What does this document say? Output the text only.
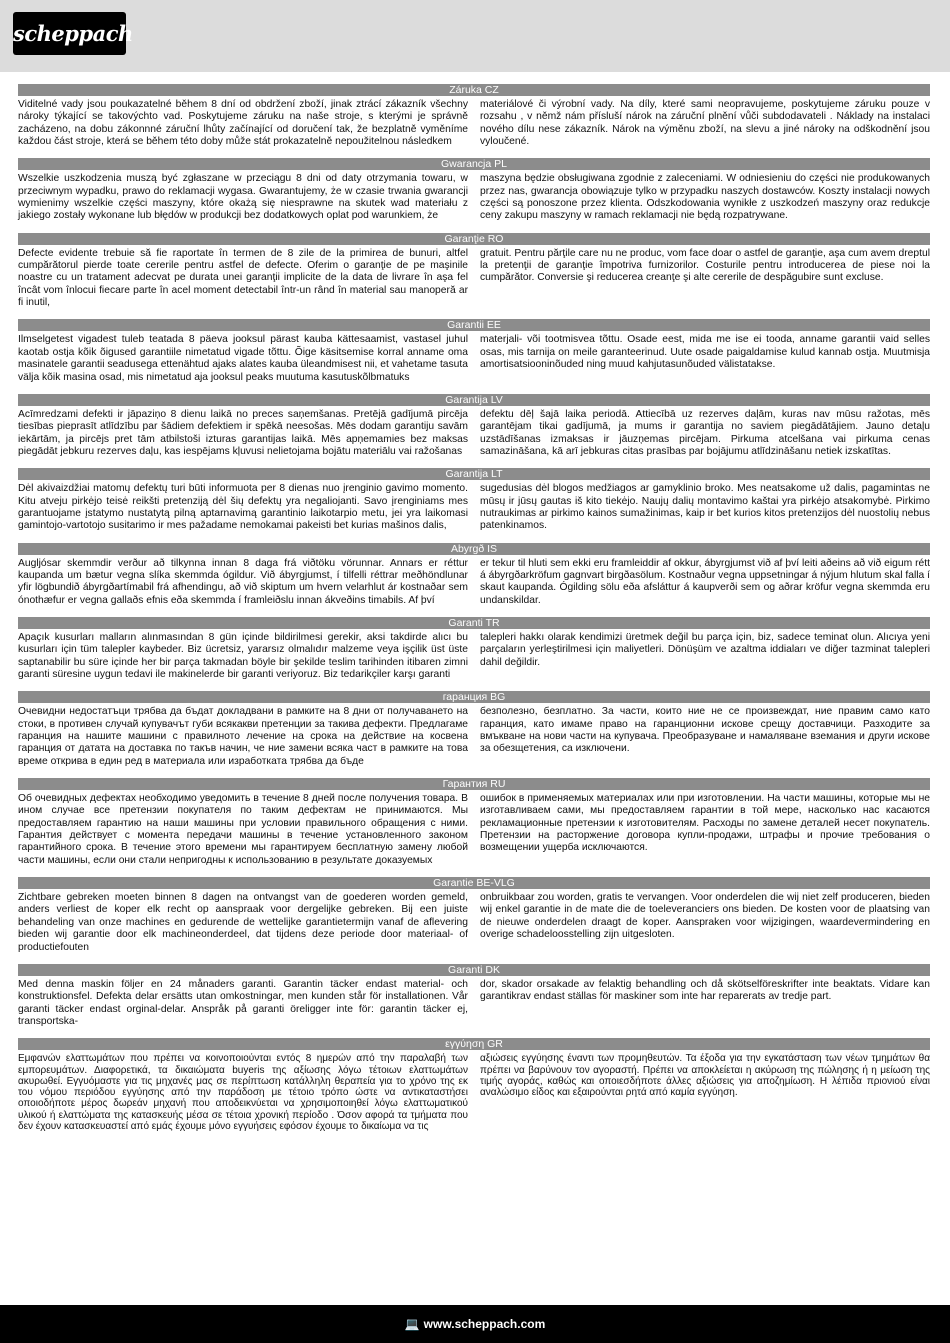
scheppach
Záruka CZ

Viditelné vady jsou poukazatelné během 8 dní od obdržení zboží, jinak ztrácí zákazník všechny nároky týkající se takovýchto vad. Poskytujeme záruku na naše stroje, s kterými je správně zacházeno, na dobu zákonnné záruční lhůty začínající od doručení tak, že bezplatně vyměníme každou část stroje, která se během této doby může stát prokazatelně nepoužitelnou následkem

materiálové či výrobní vady. Na díly, které sami neopravujeme, poskytujeme záruku pouze v rozsahu , v němž nám přísluší nárok na záruční plnění vůči subdodavateli . Náklady na instalaci nového dílu nese zákazník. Nárok na výměnu zboží, na slevu a jiné nároky na odškodnění jsou vyloučené.

Gwarancja PL

Wszelkie uszkodzenia muszą być zgłaszane w przeciągu 8 dni od daty otrzymania towaru, w przeciwnym wypadku, prawo do reklamacji wygasa. Gwarantujemy, że w czasie trwania gwarancji wymienimy wszelkie części maszyny, które okażą się niesprawne na skutek wad materiału z jakiego zostały wykonane lub błędów w produkcji bez dodatkowych oplat pod warunkiem, że

maszyna będzie obsługiwana zgodnie z zaleceniami. W odniesieniu do części nie produkowanych przez nas, gwarancja obowiązuje tylko w przypadku naszych dostawców. Koszty instalacji nowych części są ponoszone przez klienta. Odszkodowania wynikłe z uszkodzeń maszyny oraz redukcje ceny zakupu maszyny w ramach reklamacji nie będą rozpatrywane.

Garanţie RO

Defecte evidente trebuie să fie raportate în termen de 8 zile de la primirea de bunuri, altfel cumpărătorul pierde toate cererile pentru astfel de defecte. Oferim o garanţie de pe maşinile noastre cu un tratament adecvat pe durata unei garanţii implicite de la data de livrare în aşa fel încât vom înlocui fiecare parte în acel moment detectabil într-un rând în material sau manoperă ar fi inutil,

gratuit. Pentru părţile care nu ne produc, vom face doar o astfel de garanţie, aşa cum avem dreptul la pretenţii de garanţie împotriva furnizorilor. Costurile pentru introducerea de piese noi la cumpărător. Conversie şi reducerea creanţe şi alte cererile de despăgubire sunt excluse.

Garantii EE

Ilmselgetest vigadest tuleb teatada 8 päeva jooksul pärast kauba kättesaamist, vastasel juhul kaotab ostja kõik õigused garantiile nimetatud vigade tõttu. Õige käsitsemise korral anname oma masinatele garantii seadusega ettenähtud ajaks alates kauba üleandmisest nii, et vahetame tasuta välja kõik masina osad, mis nimetatud aja jooksul peaks muutuma kasutuskõlbmatuks

materjali- või tootmisvea tõttu. Osade eest, mida me ise ei tooda, anname garantii vaid selles osas, mis tarnija on meile garanteerinud. Uute osade paigaldamise kulud kannab ostja. Muutmisja amortisatsiooninõuded ning muud kahjutasunõuded välistatakse.

Garantija LV

Acīmredzami defekti ir jāpaziņo 8 dienu laikā no preces saņemšanas. Pretējā gadījumā pircēja tiesības pieprasīt atlīdzību par šādiem defektiem ir spēkā neesošas. Mēs dodam garantiju savām iekārtām, ja pircējs pret tām atbilstoši izturas garantijas laikā. Mēs apņemamies bez maksas piegādāt jebkuru rezerves daļu, kas iespējams kļuvusi nelietojama bojātu materiālu vai ražošanas

defektu dēļ šajā laika periodā. Attiecībā uz rezerves daļām, kuras nav mūsu ražotas, mēs garantējam tikai gadījumā, ja mums ir garantija no saviem piegādātājiem. Jauno detaļu uzstādīšanas izmaksas ir jāuzņemas pircējam. Pirkuma atcelšana vai pirkuma cenas samazināšana, kā arī jebkuras citas prasības par bojājumu atlīdzināšanu netiek izskatītas.

Garantija LT

Dėl akivaizdžiai matomų defektų turi būti informuota per 8 dienas nuo įrenginio gavimo momento. Kitu atveju pirkėjo teisė reikšti pretenziją dėl šių defektų yra negaliojanti. Savo įrenginiams mes garantuojame įstatymo nustatytą pilną aptarnavimą garantinio laikotarpio metu, jei yra laikomasi gamintojo-vartotojo susitarimo ir mes pažadame nemokamai pakeisti bet kurias mašinos dalis,

sugedusias dėl blogos medžiagos ar gamyklinio broko. Mes neatsakome už dalis, pagamintas ne mūsų ir jūsų gautas iš kito tiekėjo. Naujų dalių montavimo kaštai yra pirkėjo atsakomybė. Pirkimo nutraukimas ar pirkimo kainos sumažinimas, kaip ir bet kurios kitos pretenzijos dėl nuostolių nebus patenkinamos.

Abyrgð IS

Augljósar skemmdir verður að tilkynna innan 8 daga frá viðtöku vörunnar. Annars er réttur kaupanda um bætur vegna slíka skemmda ógildur. Við ábyrgjumst, í tilfelli réttrar meðhöndlunar yfir lögbundið ábyrgðartímabil frá afhendingu, að við skiptum um hvern velarhlut ár kostnaðar sem ónothæfur er vegna gallaðs efnis eða skemmda í framleiðslu innan ákveðins timabils. Af því

er tekur til hluti sem ekki eru framleiddir af okkur, ábyrgjumst við af því leiti aðeins að við eigum rétt á ábyrgðarkröfum gagnvart birgðasölum. Kostnaður vegna uppsetningar á nýjum hlutum skal falla í skaut kaupanda. Ógilding sölu eða afsláttur á kaupverði sem og aðrar kröfur vegna skemmda eru undanskildar.

Garanti TR

Apaçık kusurları malların alınmasından 8 gün içinde bildirilmesi gerekir, aksi takdirde alıcı bu kusurları için tüm talepler kaybeder. Biz ücretsiz, yararsız olmalıdır malzeme veya işçilik üst üste saptanabilir bu süre içinde her bir parça takmadan böyle bir şekilde teslim tarihinden itibaren zimni garanti süresine uygun tedavi ile makinelerde bir garanti veriyoruz. Biz tedarikçiler karşı garanti

talepleri hakkı olarak kendimizi üretmek değil bu parça için, biz, sadece teminat olun. Alıcıya yeni parçaların yerleştirilmesi için maliyetleri. Dönüşüm ve azaltma iddiaları ve diğer tazminat talepleri dahil değildir.

гаранция BG

Очевидни недостатъци трябва да бъдат докладвани в рамките на 8 дни от получаването на стоки, в противен случай купувачът губи всякакви претенции за такива дефекти. Предлагаме гаранция на нашите машини с правилното лечение на срока на действие на косвена гаранция от датата на доставка по такъв начин, че ние замени всяка част в рамките на това време открива в един ред в материала или изработката трябва да бъде

безполезно, безплатно. За части, които ние не се произвеждат, ние правим само като гаранция, като имаме право на гаранционни искове срещу доставчици. Разходите за вмъкване на нови части на купувача. Преобразуване и намаляване вземания и други искове за обезщетения, са изключени.

Гарантия RU

Об очевидных дефектах необходимо уведомить в течение 8 дней после получения товара. В ином случае все претензии покупателя по таким дефектам не принимаются. Мы предоставляем гарантию на наши машины при условии правильного обращения с ними. Гарантия действует с момента передачи машины в течение установленного законом гарантийного срока. В течение этого времени мы гарантируем бесплатную замену любой части машины, если они стали непригодны к использованию в результате доказуемых

ошибок в применяемых материалах или при изготовлении. На части машины, которые мы не изготавливаем сами, мы предоставляем гарантии в той мере, насколько нас касаются рекламационные претензии к изготовителям. Расходы по замене деталей несет покупатель. Претензии на расторжение договора купли-продажи, штрафы и прочие требования о возмещении ущерба исключаются.

Garantie BE-VLG

Zichtbare gebreken moeten binnen 8 dagen na ontvangst van de goederen worden gemeld, anders verliest de koper elk recht op aanspraak voor dergelijke gebreken. Bij een juiste behandeling van onze machines en gedurende de wettelijke garantietermijn vanaf de aflevering bieden wij garantie door elk machineonderdeel, dat tijdens deze periode door materiaal- of productiefouten

onbruikbaar zou worden, gratis te vervangen. Voor onderdelen die wij niet zelf produceren, bieden wij enkel garantie in de mate die de toeleveranciers ons bieden. De kosten voor de plaatsing van de nieuwe onderdelen draagt de koper. Aanspraken voor wijzigingen, waardevermindering en overige schadeloosstelling zijn uitgesloten.

Garanti DK

Med denna maskin följer en 24 månaders garanti. Garantin täcker endast material- och konstruktionsfel. Defekta delar ersätts utan omkostningar, men kunden står för installationen. Vår garanti täcker endast orginal-delar. Anspråk på garanti öreligger inte för: garantin täcker ej, transportska-

dor, skador orsakade av felaktig behandling och då skötselföreskrifter inte beaktats. Vidare kan garantikrav endast ställas för maskiner som inte har reparerats av tredje part.

εγγύηση GR

Εμφανών ελαττωμάτων που πρέπει να κοινοποιούνται εντός 8 ημερών από την παραλαβή των εμπορευμάτων. Διαφορετικά, τα δικαιώματα buyeris της αξίωσης λόγω τέτοιων ελαττωμάτων ακυρωθεί. Εγγυόμαστε για τις μηχανές μας σε περίπτωση κατάλληλη θεραπεία για το χρόνο της εκ του νόμου περιόδου εγγύησης από την παράδοση με τέτοιο τρόπο ώστε να αντικαταστήσει οποιοδήποτε μέρος δωρεάν μηχανή που αποδεικνύεται να χρησιμοποιηθεί λόγω ελαττωματικού υλικού ή ελαττώματα της κατασκευής μέσα σε τέτοια χρονική περίοδο . Όσον αφορά τα τμήματα που δεν έχουν κατασκευαστεί από εμάς έχουμε μόνο εγγυήσεις εφόσον έχουμε το δικαίωμα να τις

αξιώσεις εγγύησης έναντι των προμηθευτών. Τα έξοδα για την εγκατάσταση των νέων τμημάτων θα πρέπει να βαρύνουν τον αγοραστή. Πρέπει να αποκλείεται η ακύρωση της πώλησης ή η μείωση της τιμής αγοράς, καθώς και οποιεσδήποτε άλλες αξιώσεις για αποζημίωση. Η λέπιδα πριονιού είναι αναλώσιμο είδος και εξαιρούνται ρητά από καμία εγγύηση.

💻 www.scheppach.com
